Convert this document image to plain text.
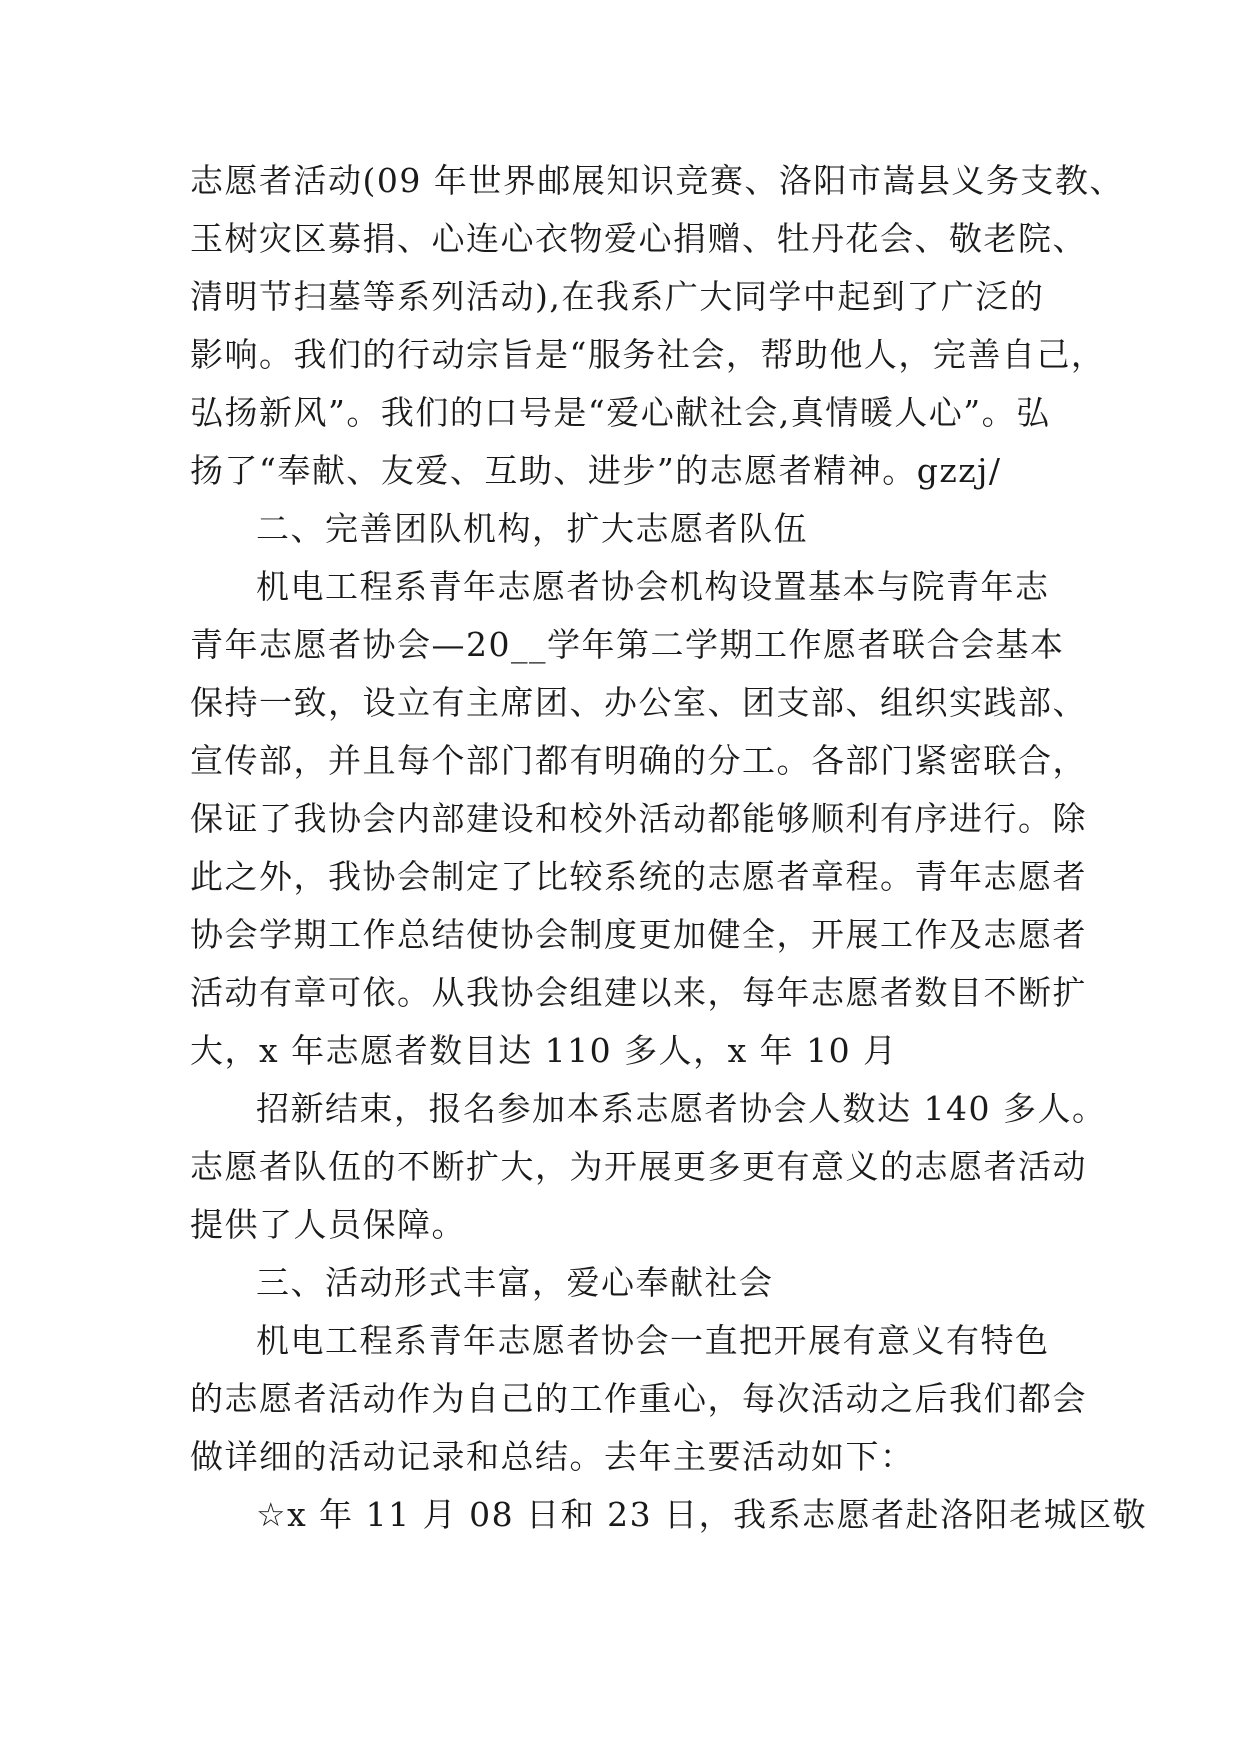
志愿者活动(09 年世界邮展知识竞赛、洛阳市嵩县义务支教、
玉树灾区募捐、心连心衣物爱心捐赠、牡丹花会、敬老院、
清明节扫墓等系列活动),在我系广大同学中起到了广泛的
影响。我们的行动宗旨是“服务社会，帮助他人，完善自己，
弘扬新风”。我们的口号是“爱心献社会,真情暖人心”。弘
扬了“奉献、友爱、互助、进步”的志愿者精神。gzzj/
二、完善团队机构，扩大志愿者队伍
机电工程系青年志愿者协会机构设置基本与院青年志
青年志愿者协会—20__学年第二学期工作愿者联合会基本
保持一致，设立有主席团、办公室、团支部、组织实践部、
宣传部，并且每个部门都有明确的分工。各部门紧密联合，
保证了我协会内部建设和校外活动都能够顺利有序进行。除
此之外，我协会制定了比较系统的志愿者章程。青年志愿者
协会学期工作总结使协会制度更加健全，开展工作及志愿者
活动有章可依。从我协会组建以来，每年志愿者数目不断扩
大，x 年志愿者数目达 110 多人，x 年 10 月
招新结束，报名参加本系志愿者协会人数达 140 多人。
志愿者队伍的不断扩大，为开展更多更有意义的志愿者活动
提供了人员保障。
三、活动形式丰富，爱心奉献社会
机电工程系青年志愿者协会一直把开展有意义有特色
的志愿者活动作为自己的工作重心，每次活动之后我们都会
做详细的活动记录和总结。去年主要活动如下：
☆x 年 11 月 08 日和 23 日，我系志愿者赴洛阳老城区敬
